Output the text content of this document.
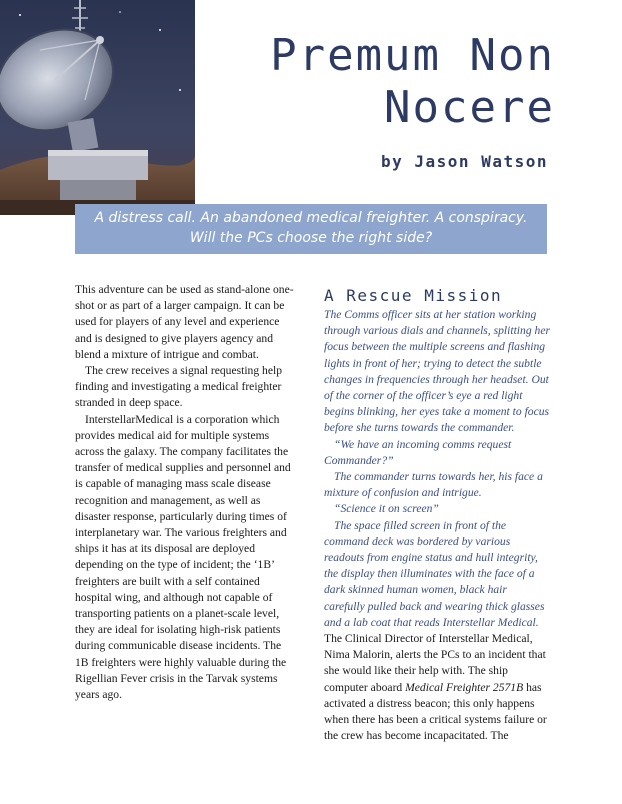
Premum Non
Nocere
by Jason Watson
A distress call. An abandoned medical freighter. A conspiracy.
Will the PCs choose the right side?

This adventure can be used as stand-alone one-shot or as part of a larger campaign. It can be used for players of any level and experience and is designed to give players agency and blend a mixture of intrigue and combat.

The crew receives a signal requesting help finding and investigating a medical freighter stranded in deep space.

InterstellarMedical is a corporation which provides medical aid for multiple systems across the galaxy. The company facilitates the transfer of medical supplies and personnel and is capable of managing mass scale disease recognition and management, as well as disaster response, particularly during times of interplanetary war. The various freighters and ships it has at its disposal are deployed depending on the type of incident; the ‘1B’ freighters are built with a self contained hospital wing, and although not capable of transporting patients on a planet-scale level, they are ideal for isolating high-risk patients during communicable disease incidents. The 1B freighters were highly valuable during the Rigellian Fever crisis in the Tarvak systems years ago.

A Rescue Mission

The Comms officer sits at her station working through various dials and channels, splitting her focus between the multiple screens and flashing lights in front of her; trying to detect the subtle changes in frequencies through her headset. Out of the corner of the officer’s eye a red light begins blinking, her eyes take a moment to focus before she turns towards the commander.

“We have an incoming comms request Commander?”

The commander turns towards her, his face a mixture of confusion and intrigue.

“Science it on screen”

The space filled screen in front of the command deck was bordered by various readouts from engine status and hull integrity, the display then illuminates with the face of a dark skinned human women, black hair carefully pulled back and wearing thick glasses and a lab coat that reads Interstellar Medical.

The Clinical Director of Interstellar Medical, Nima Malorin, alerts the PCs to an incident that she would like their help with. The ship computer aboard Medical Freighter 2571B has activated a distress beacon; this only happens when there has been a critical systems failure or the crew has become incapacitated. The
